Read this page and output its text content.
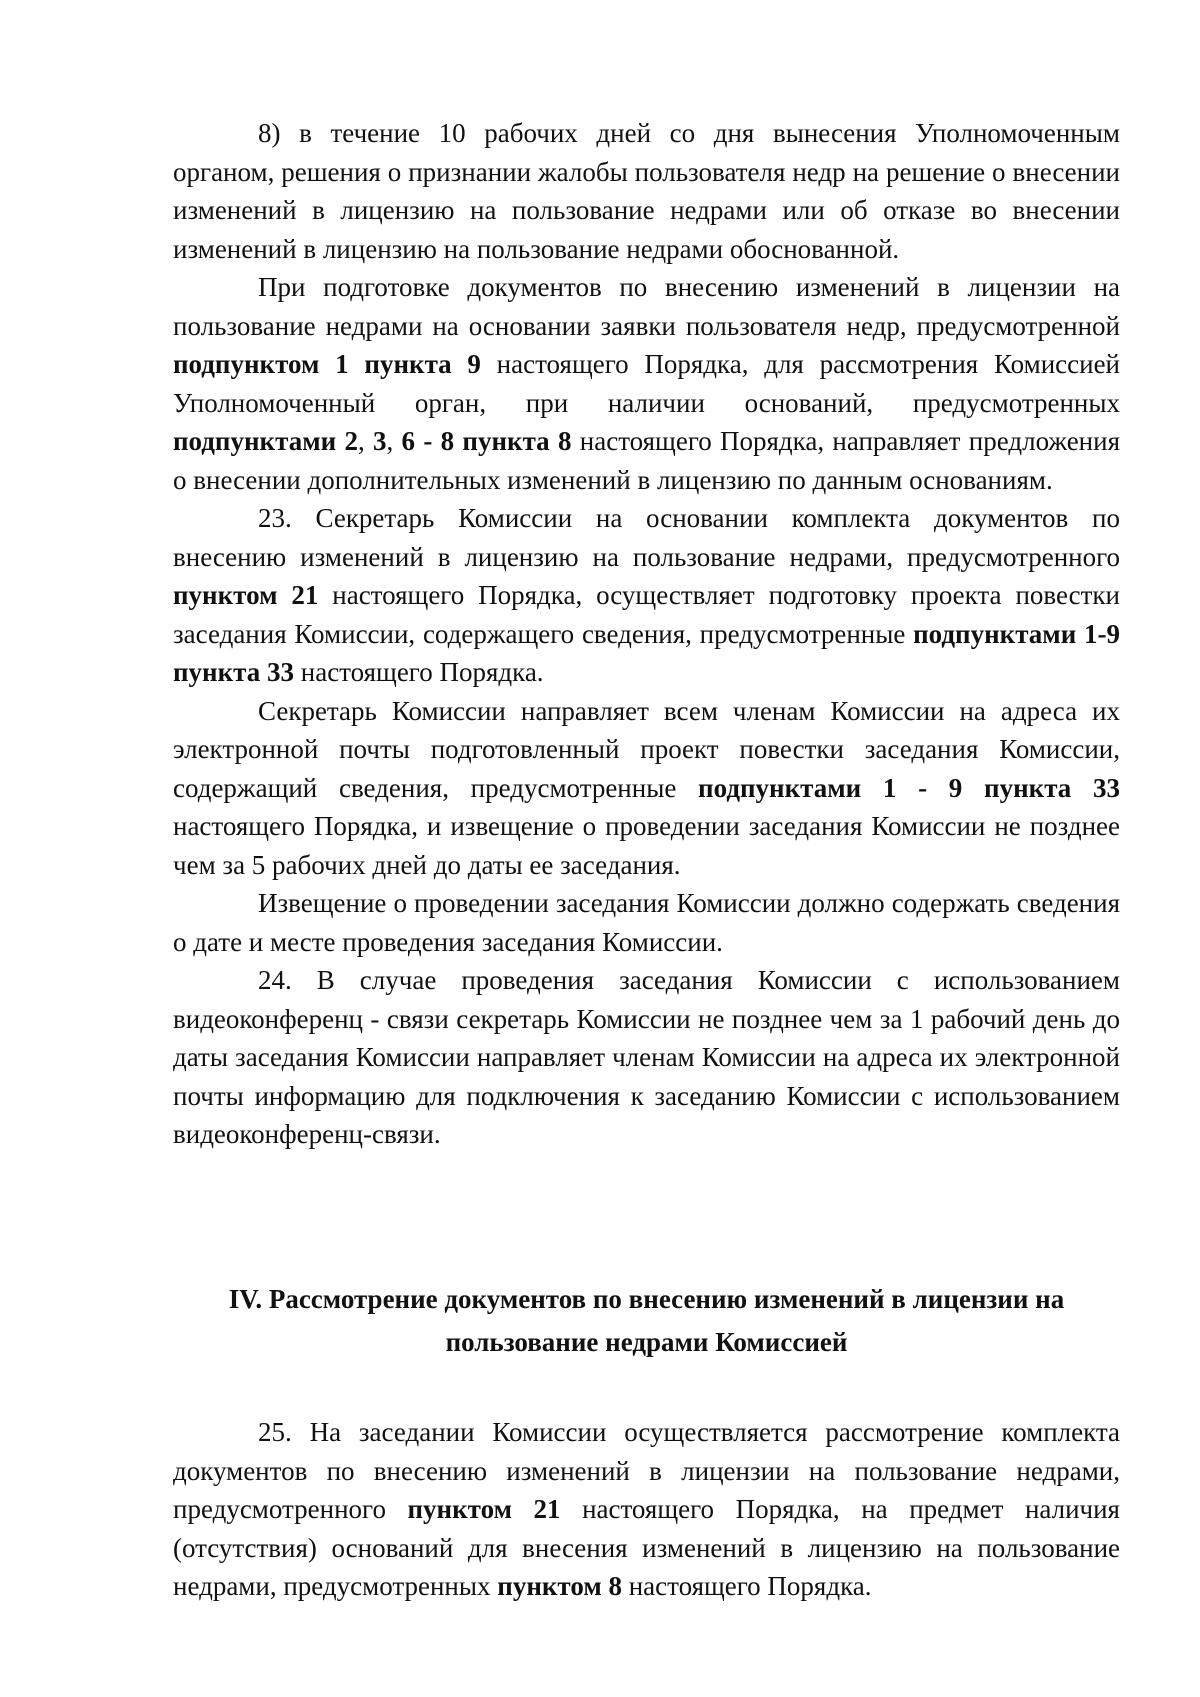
8) в течение 10 рабочих дней со дня вынесения Уполномоченным органом, решения о признании жалобы пользователя недр на решение о внесении изменений в лицензию на пользование недрами или об отказе во внесении изменений в лицензию на пользование недрами обоснованной.

При подготовке документов по внесению изменений в лицензии на пользование недрами на основании заявки пользователя недр, предусмотренной подпунктом 1 пункта 9 настоящего Порядка, для рассмотрения Комиссией Уполномоченный орган, при наличии оснований, предусмотренных подпунктами 2, 3, 6 - 8 пункта 8 настоящего Порядка, направляет предложения о внесении дополнительных изменений в лицензию по данным основаниям.

23. Секретарь Комиссии на основании комплекта документов по внесению изменений в лицензию на пользование недрами, предусмотренного пунктом 21 настоящего Порядка, осуществляет подготовку проекта повестки заседания Комиссии, содержащего сведения, предусмотренные подпунктами 1-9 пункта 33 настоящего Порядка.

Секретарь Комиссии направляет всем членам Комиссии на адреса их электронной почты подготовленный проект повестки заседания Комиссии, содержащий сведения, предусмотренные подпунктами 1 - 9 пункта 33 настоящего Порядка, и извещение о проведении заседания Комиссии не позднее чем за 5 рабочих дней до даты ее заседания.

Извещение о проведении заседания Комиссии должно содержать сведения о дате и месте проведения заседания Комиссии.

24. В случае проведения заседания Комиссии с использованием видеоконференц - связи секретарь Комиссии не позднее чем за 1 рабочий день до даты заседания Комиссии направляет членам Комиссии на адреса их электронной почты информацию для подключения к заседанию Комиссии с использованием видеоконференц-связи.

IV. Рассмотрение документов по внесению изменений в лицензии на
пользование недрами Комиссией

25. На заседании Комиссии осуществляется рассмотрение комплекта документов по внесению изменений в лицензии на пользование недрами, предусмотренного пунктом 21 настоящего Порядка, на предмет наличия (отсутствия) оснований для внесения изменений в лицензию на пользование недрами, предусмотренных пунктом 8 настоящего Порядка.
